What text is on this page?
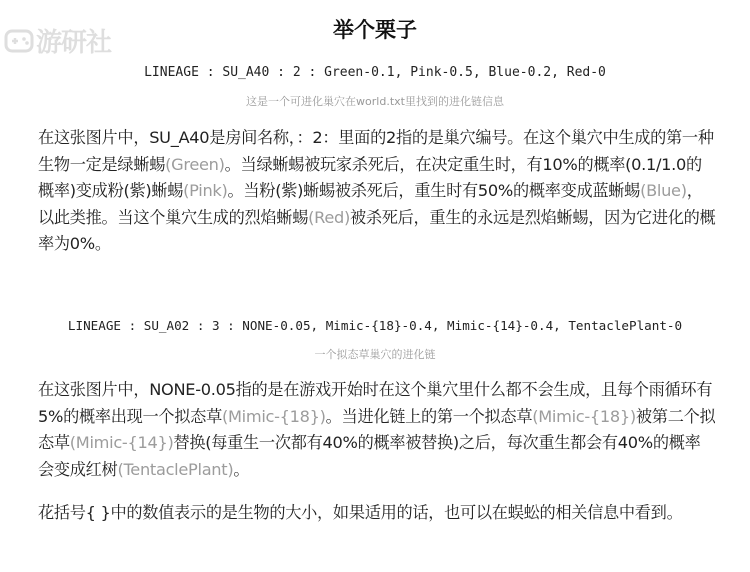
游研社	举个栗子
LINEAGE : SU_A40 : 2 : Green-0.1, Pink-0.5, Blue-0.2, Red-0
这是一个可进化巢穴在world.txt里找到的进化链信息
在这张图片中，SU_A40是房间名称，：2：里面的2指的是巢穴编号。在这个巢穴中生成的第一种生物一定是绿蜥蜴(Green)。当绿蜥蜴被玩家杀死后，在决定重生时，有10%的概率(0.1/1.0的概率)变成粉(紫)蜥蜴(Pink)。当粉(紫)蜥蜴被杀死后，重生时有50%的概率变成蓝蜥蜴(Blue)，以此类推。当这个巢穴生成的烈焰蜥蜴(Red)被杀死后，重生的永远是烈焰蜥蜴，因为它进化的概率为0%。
LINEAGE : SU_A02 : 3 : NONE-0.05, Mimic-{18}-0.4, Mimic-{14}-0.4, TentaclePlant-0
一个拟态草巢穴的进化链
在这张图片中，NONE-0.05指的是在游戏开始时在这个巢穴里什么都不会生成，且每个雨循环有5%的概率出现一个拟态草(Mimic-{18})。当进化链上的第一个拟态草(Mimic-{18})被第二个拟态草(Mimic-{14})替换(每重生一次都有40%的概率被替换)之后，每次重生都会有40%的概率会变成红树(TentaclePlant)。
花括号{ }中的数值表示的是生物的大小，如果适用的话，也可以在蜈蚣的相关信息中看到。
